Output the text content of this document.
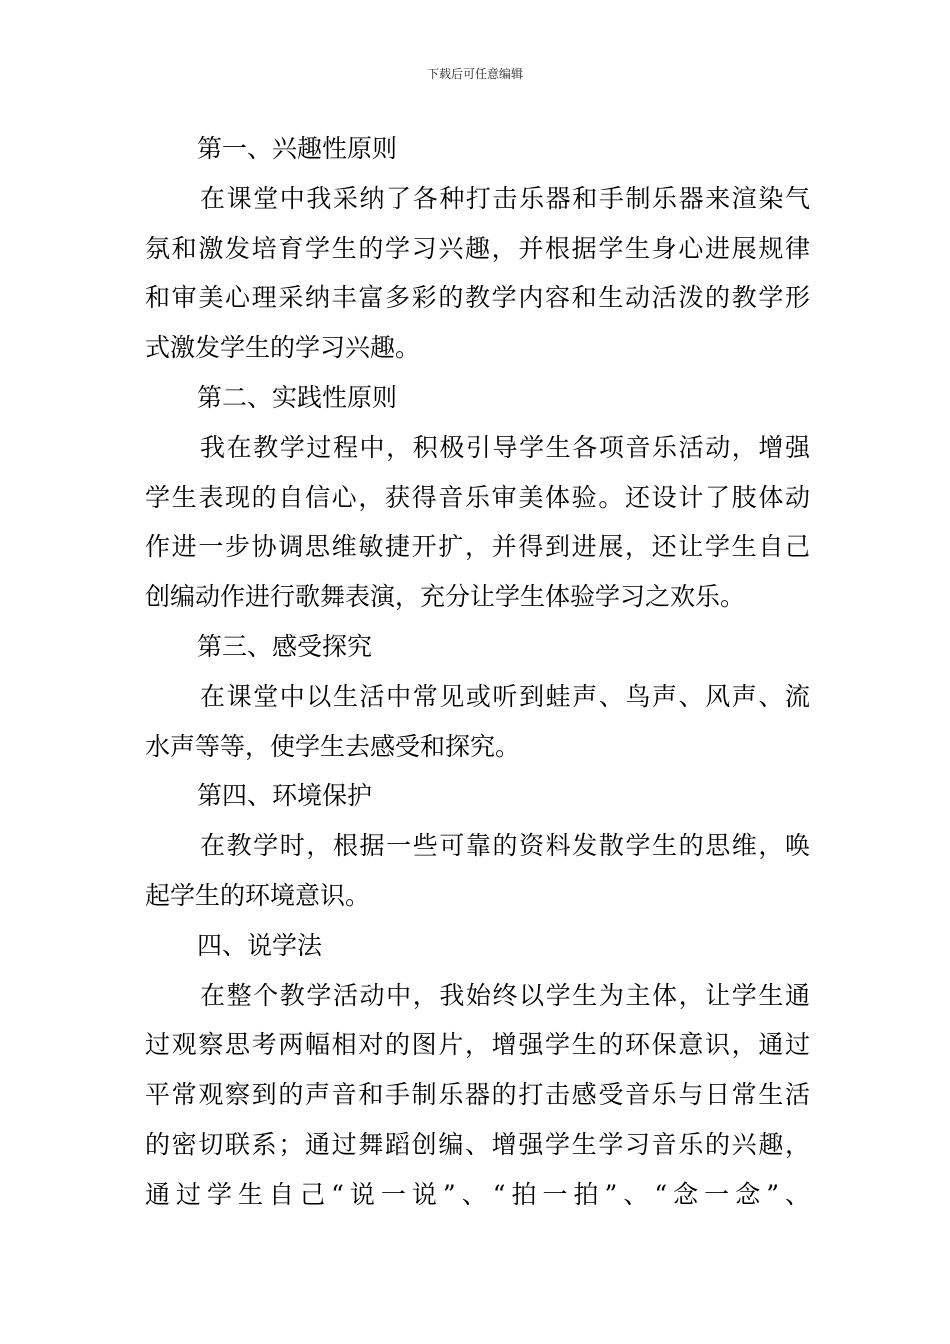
下载后可任意编辑
第一、兴趣性原则
在课堂中我采纳了各种打击乐器和手制乐器来渲染气
氛和激发培育学生的学习兴趣，并根据学生身心进展规律
和审美心理采纳丰富多彩的教学内容和生动活泼的教学形
式激发学生的学习兴趣。
第二、实践性原则
我在教学过程中，积极引导学生各项音乐活动，增强
学生表现的自信心，获得音乐审美体验。还设计了肢体动
作进一步协调思维敏捷开扩，并得到进展，还让学生自己
创编动作进行歌舞表演，充分让学生体验学习之欢乐。
第三、感受探究
在课堂中以生活中常见或听到蛙声、鸟声、风声、流
水声等等，使学生去感受和探究。
第四、环境保护
在教学时，根据一些可靠的资料发散学生的思维，唤
起学生的环境意识。
四、说学法
在整个教学活动中，我始终以学生为主体，让学生通
过观察思考两幅相对的图片，增强学生的环保意识，通过
平常观察到的声音和手制乐器的打击感受音乐与日常生活
的密切联系；通过舞蹈创编、增强学生学习音乐的兴趣，
通过学生自己“说一说”、“拍一拍”、“念一念”、
